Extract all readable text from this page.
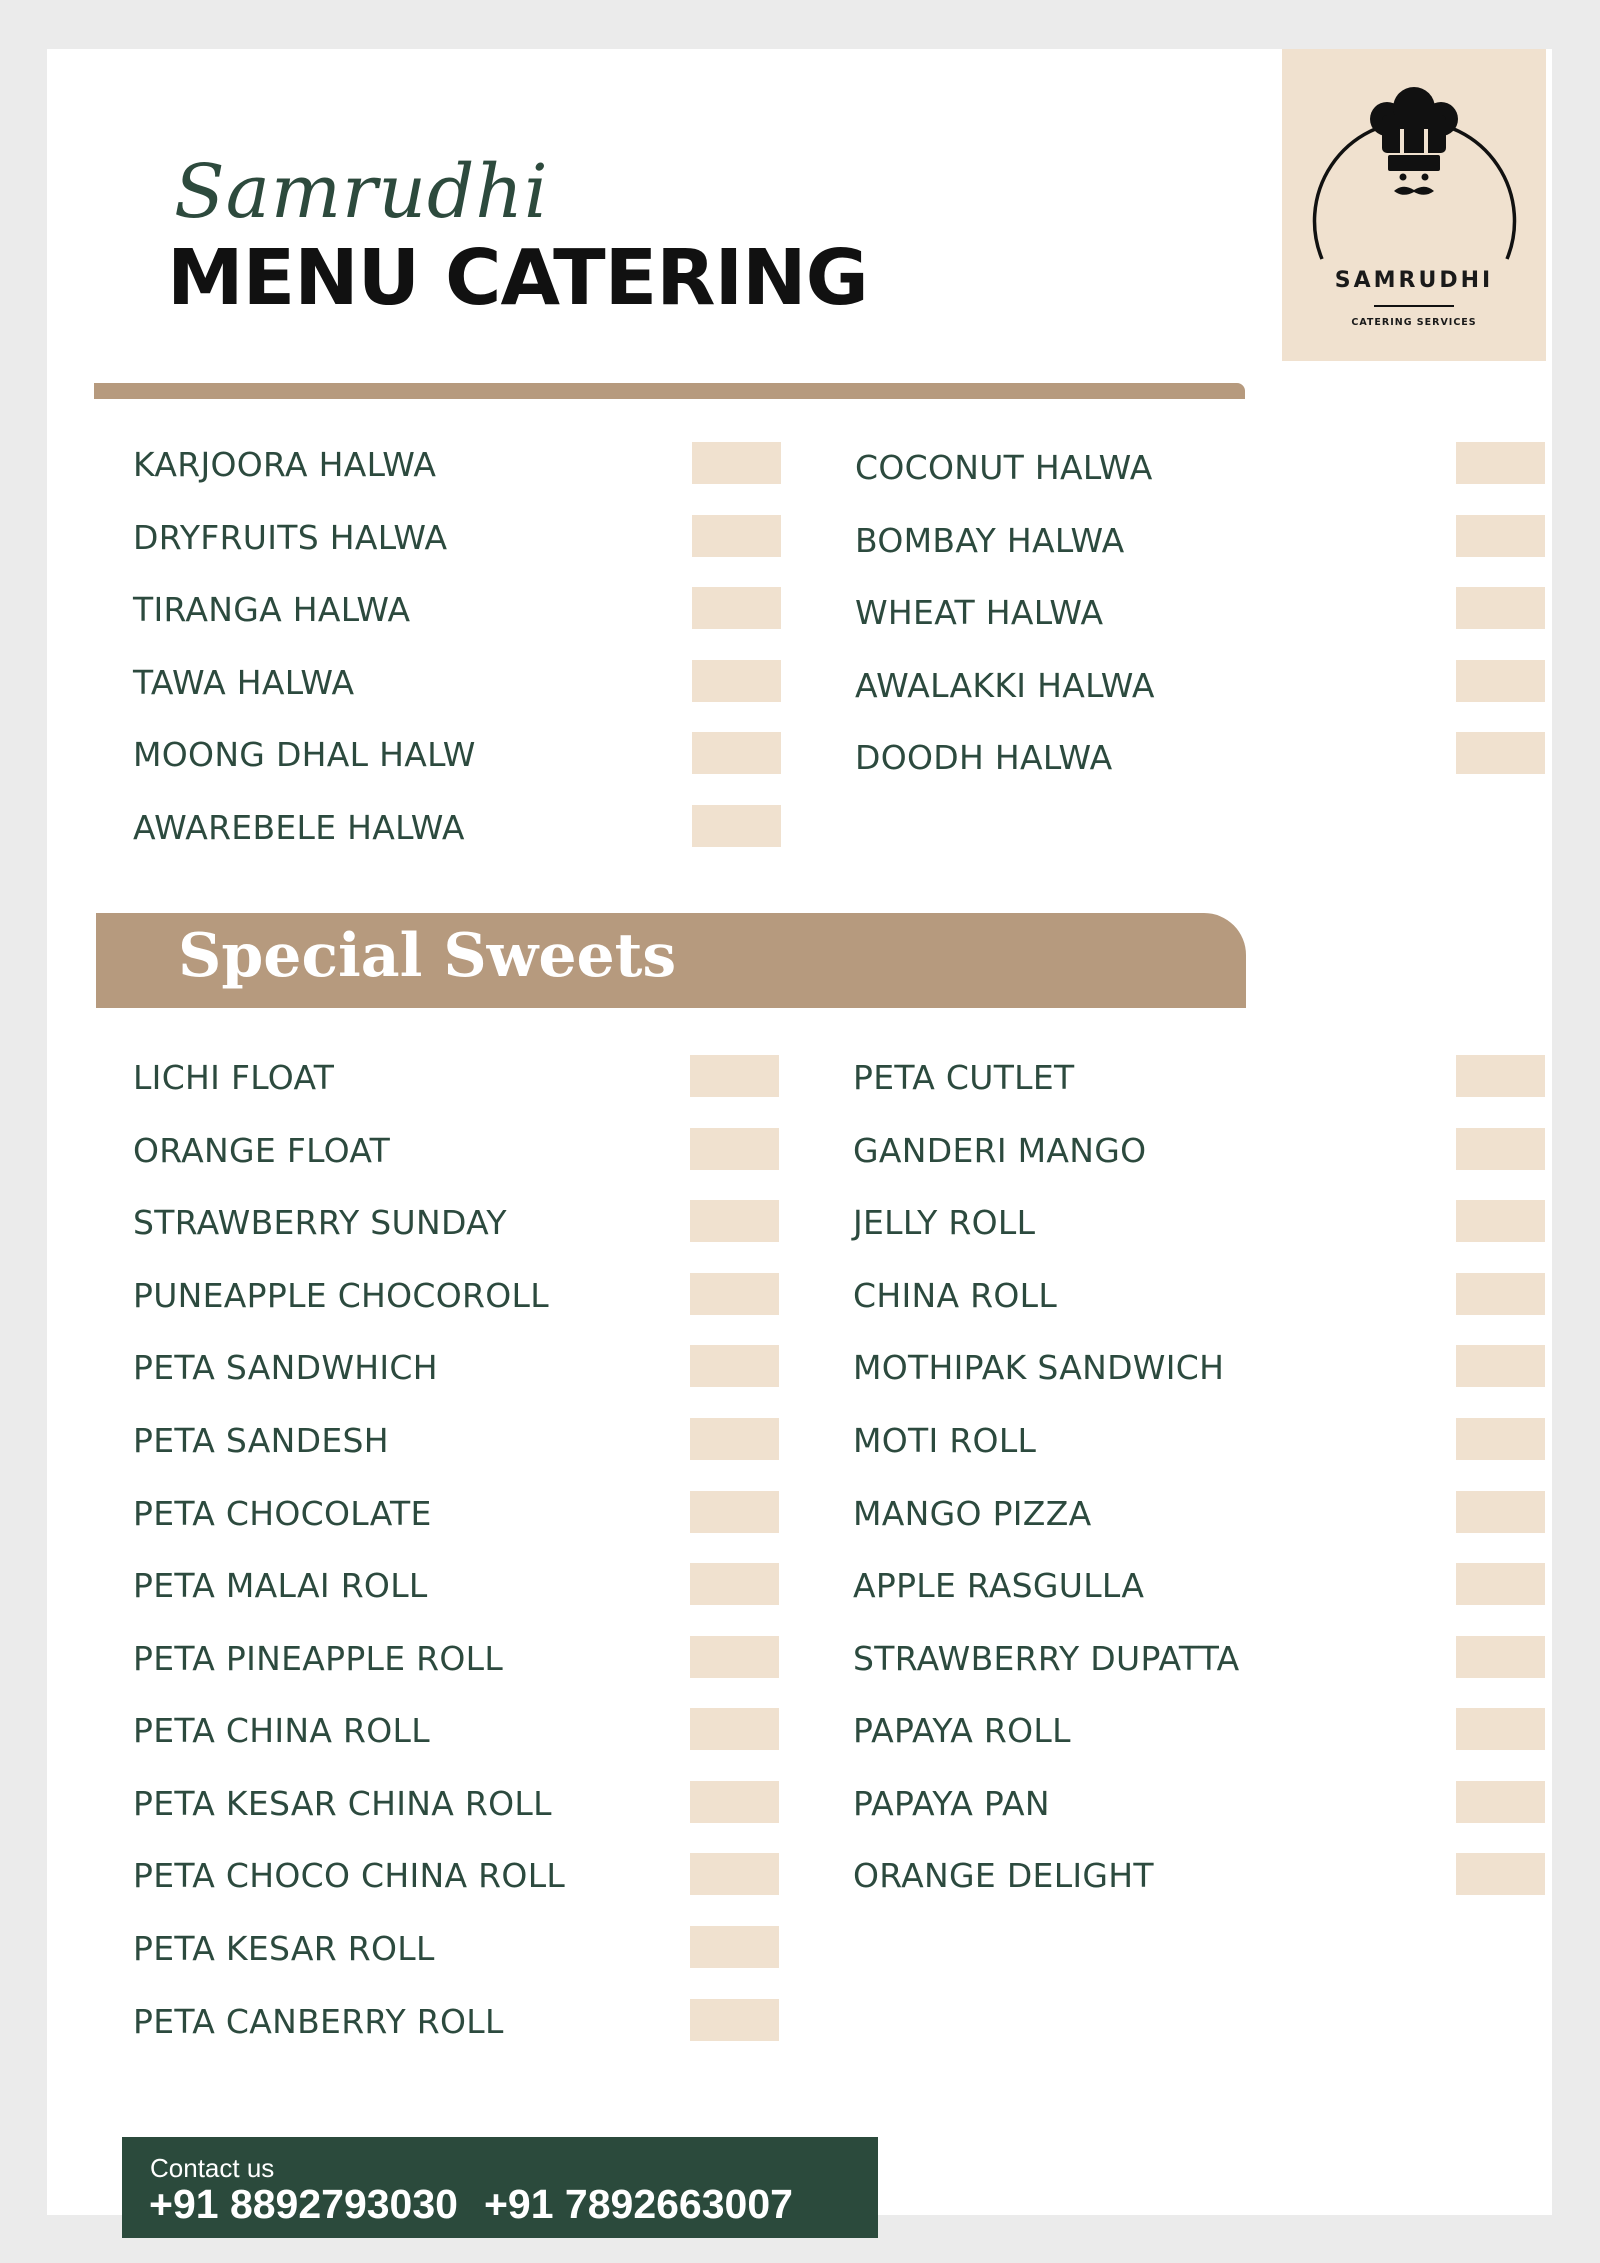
Samrudhi
MENU CATERING	SAMRUDHI
CATERING SERVICES
KARJOORA HALWA
DRYFRUITS HALWA
TIRANGA HALWA
TAWA HALWA
MOONG DHAL HALW
AWAREBELE HALWA
COCONUT HALWA
BOMBAY HALWA
WHEAT HALWA
AWALAKKI HALWA
DOODH HALWA
Special Sweets
LICHI FLOAT
ORANGE FLOAT
STRAWBERRY SUNDAY
PUNEAPPLE CHOCOROLL
PETA SANDWHICH
PETA SANDESH
PETA CHOCOLATE
PETA MALAI ROLL
PETA PINEAPPLE ROLL
PETA CHINA ROLL
PETA KESAR CHINA ROLL
PETA CHOCO CHINA ROLL
PETA KESAR ROLL
PETA CANBERRY ROLL
PETA CUTLET
GANDERI MANGO
JELLY ROLL
CHINA ROLL
MOTHIPAK SANDWICH
MOTI ROLL
MANGO PIZZA
APPLE RASGULLA
STRAWBERRY DUPATTA
PAPAYA ROLL
PAPAYA PAN
ORANGE DELIGHT
Contact us
+91 8892793030 +91 7892663007
